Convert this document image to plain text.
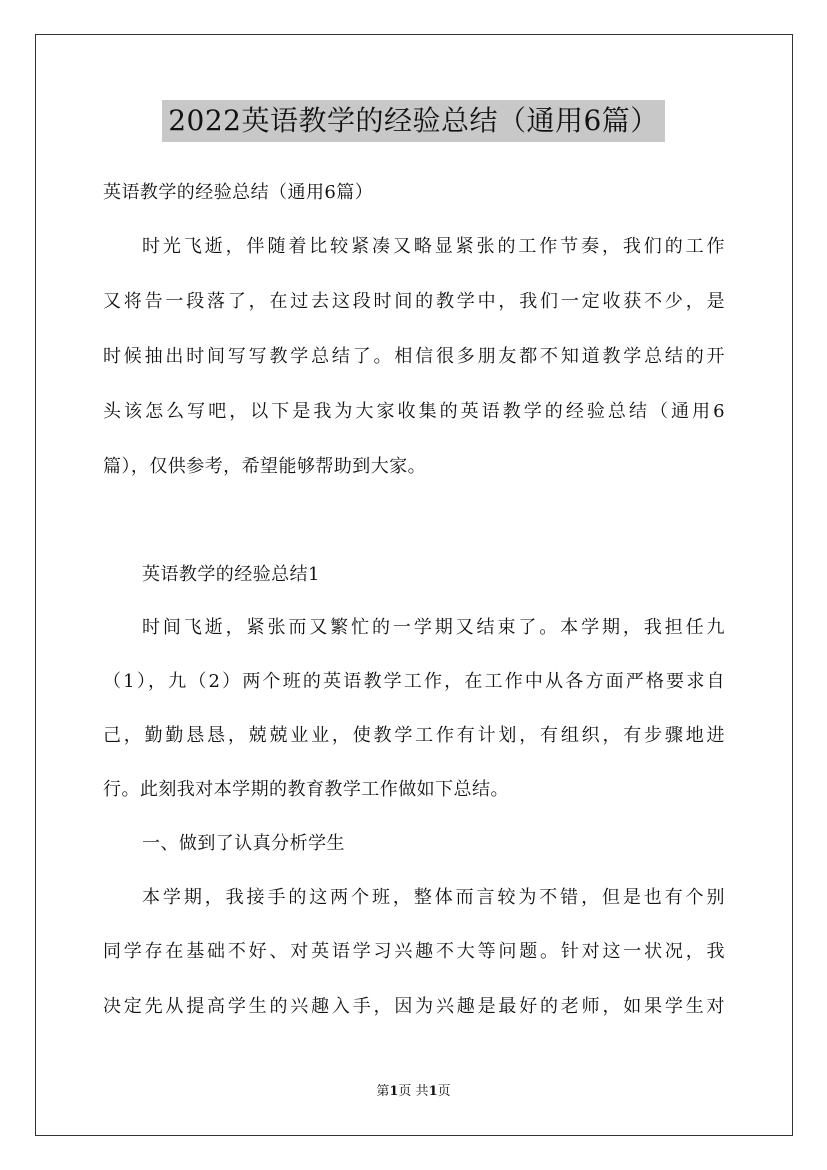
2022英语教学的经验总结（通用6篇）
英语教学的经验总结（通用6篇）
时光飞逝，伴随着比较紧凑又略显紧张的工作节奏，我们的工作
又将告一段落了，在过去这段时间的教学中，我们一定收获不少，是
时候抽出时间写写教学总结了。相信很多朋友都不知道教学总结的开
头该怎么写吧，以下是我为大家收集的英语教学的经验总结（通用6
篇），仅供参考，希望能够帮助到大家。
英语教学的经验总结1
时间飞逝，紧张而又繁忙的一学期又结束了。本学期，我担任九
（1），九（2）两个班的英语教学工作，在工作中从各方面严格要求自
己，勤勤恳恳，兢兢业业，使教学工作有计划，有组织，有步骤地进
行。此刻我对本学期的教育教学工作做如下总结。
一、做到了认真分析学生
本学期，我接手的这两个班，整体而言较为不错，但是也有个别
同学存在基础不好、对英语学习兴趣不大等问题。针对这一状况，我
决定先从提高学生的兴趣入手，因为兴趣是最好的老师，如果学生对
第1页 共1页
